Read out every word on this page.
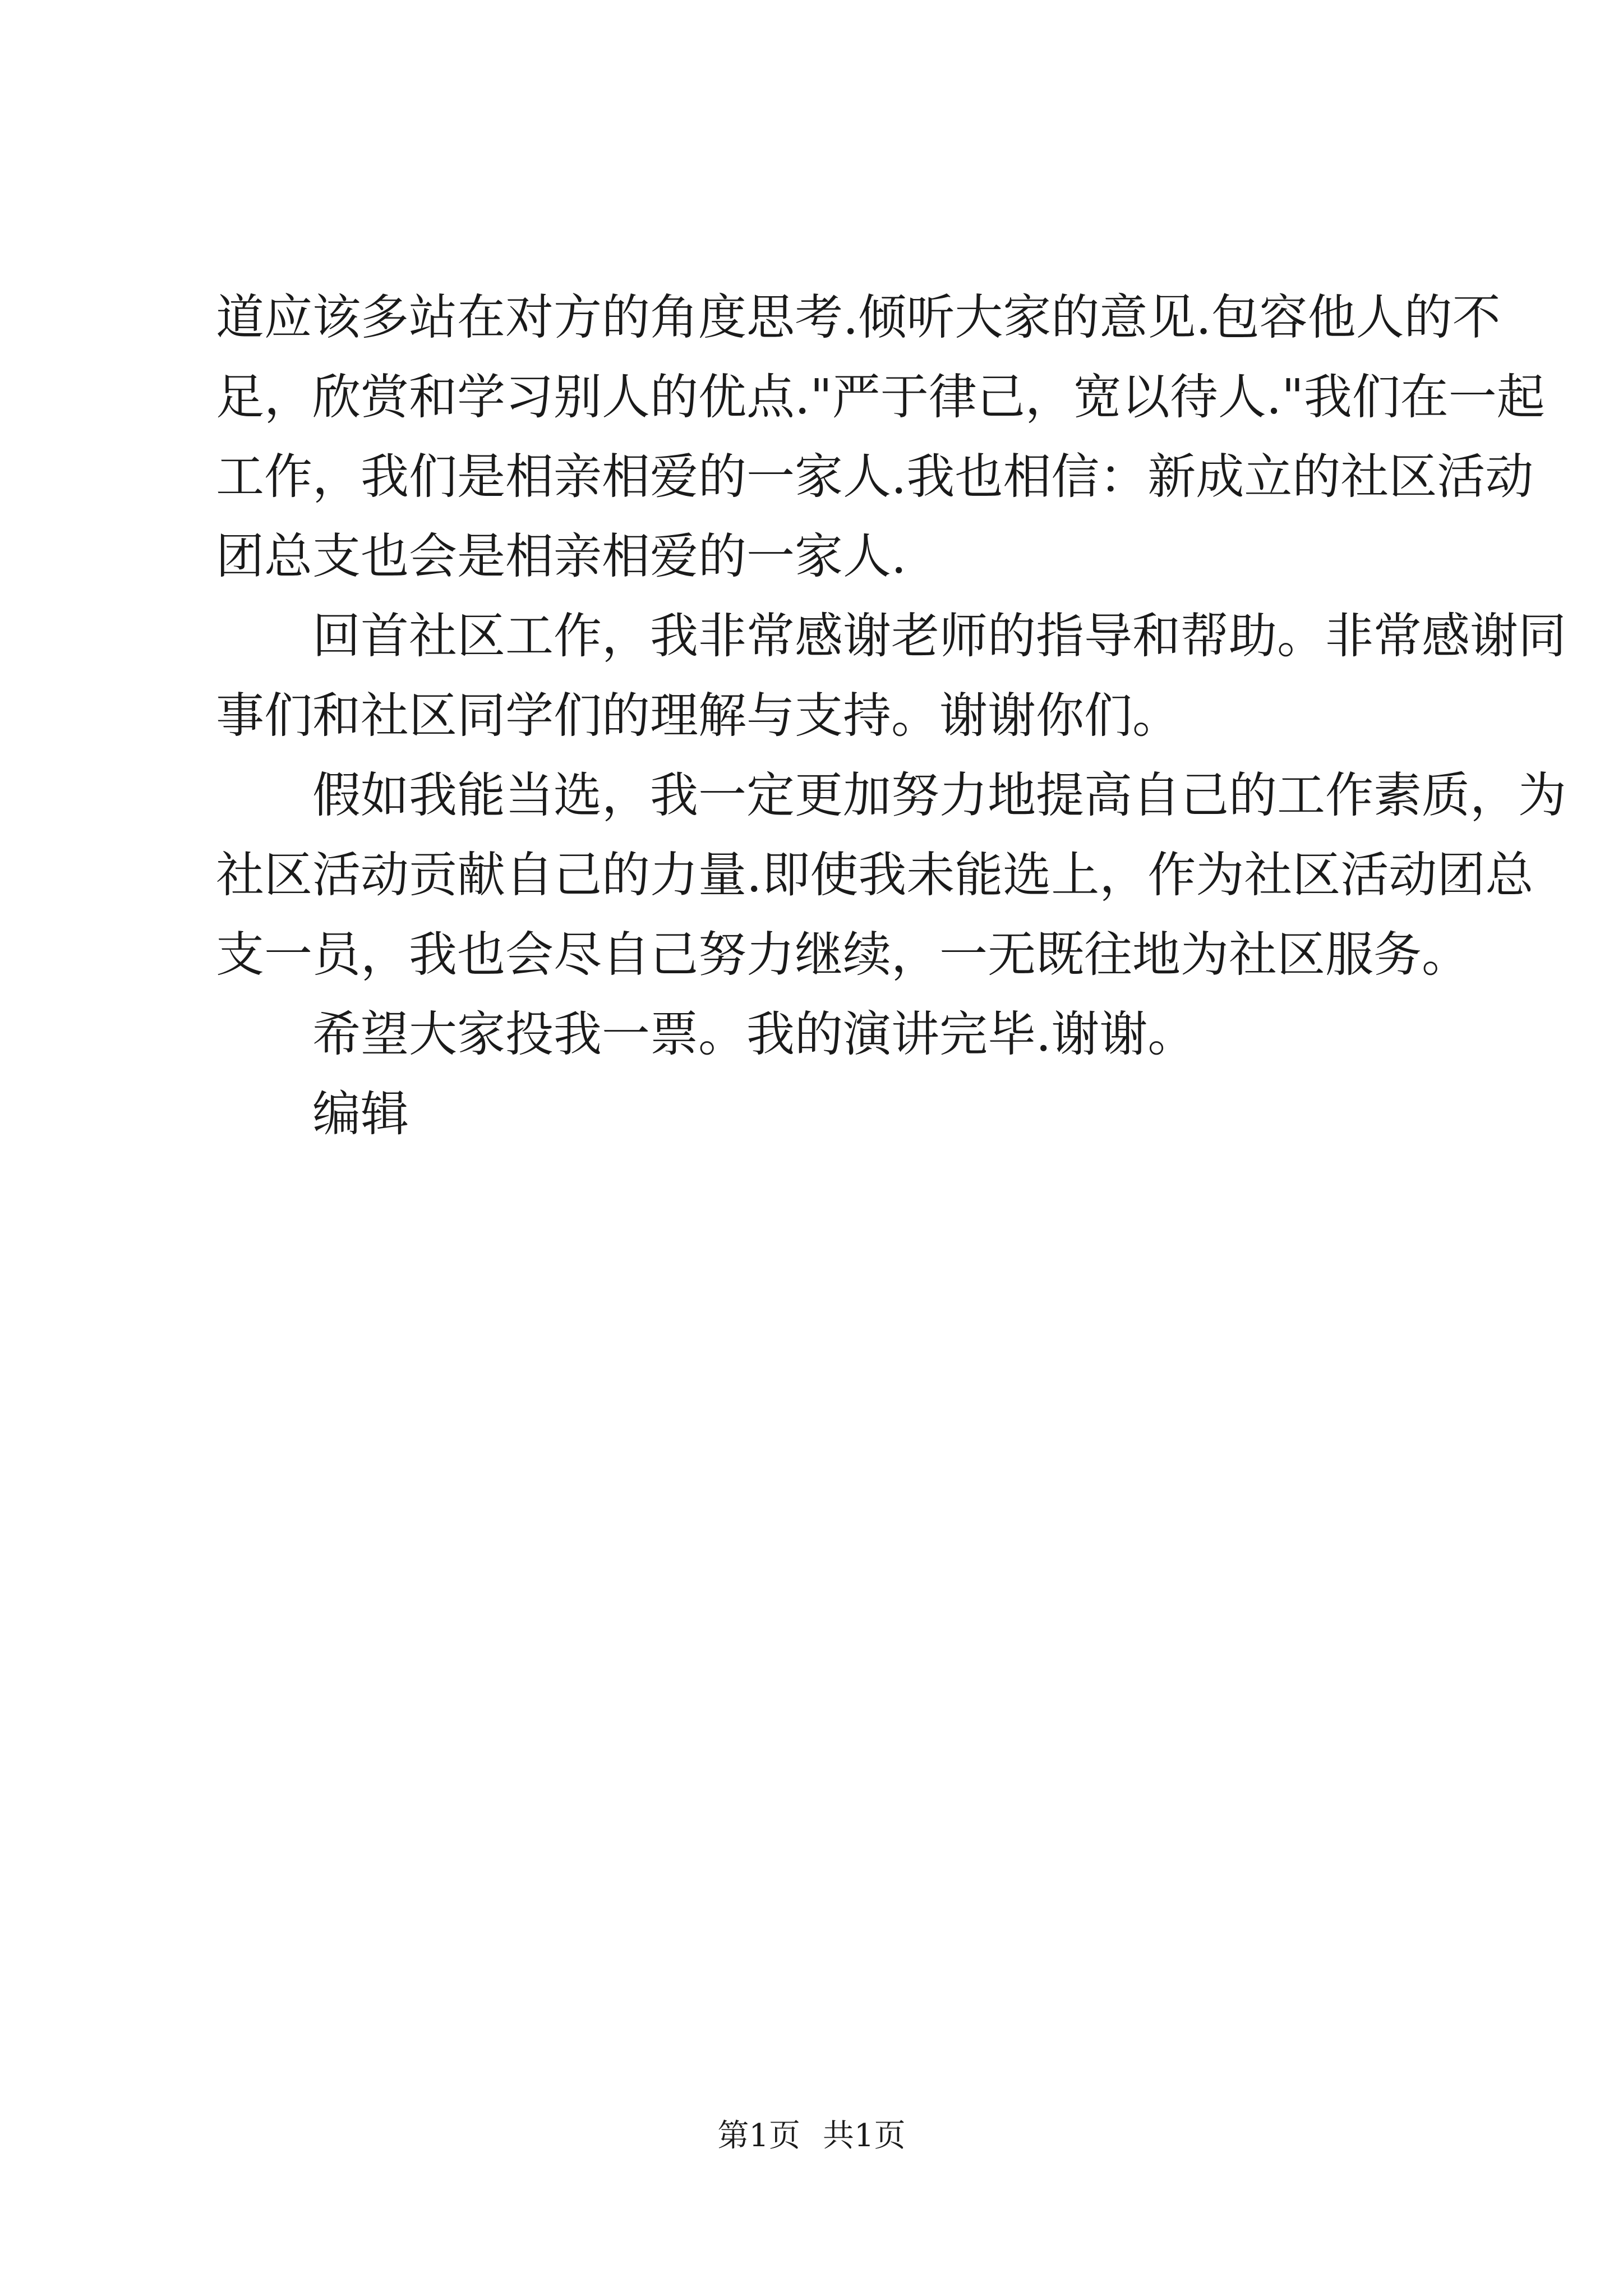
道应该多站在对方的角度思考.倾听大家的意见.包容他人的不
足，欣赏和学习别人的优点."严于律己，宽以待人."我们在一起
工作，我们是相亲相爱的一家人.我也相信：新成立的社区活动
团总支也会是相亲相爱的一家人.
回首社区工作，我非常感谢老师的指导和帮助。非常感谢同
事们和社区同学们的理解与支持。谢谢你们。
假如我能当选，我一定更加努力地提高自己的工作素质，为
社区活动贡献自己的力量.即使我未能选上，作为社区活动团总
支一员，我也会尽自己努力继续，一无既往地为社区服务。
希望大家投我一票。我的演讲完毕.谢谢。
编辑
第1页 共1页
